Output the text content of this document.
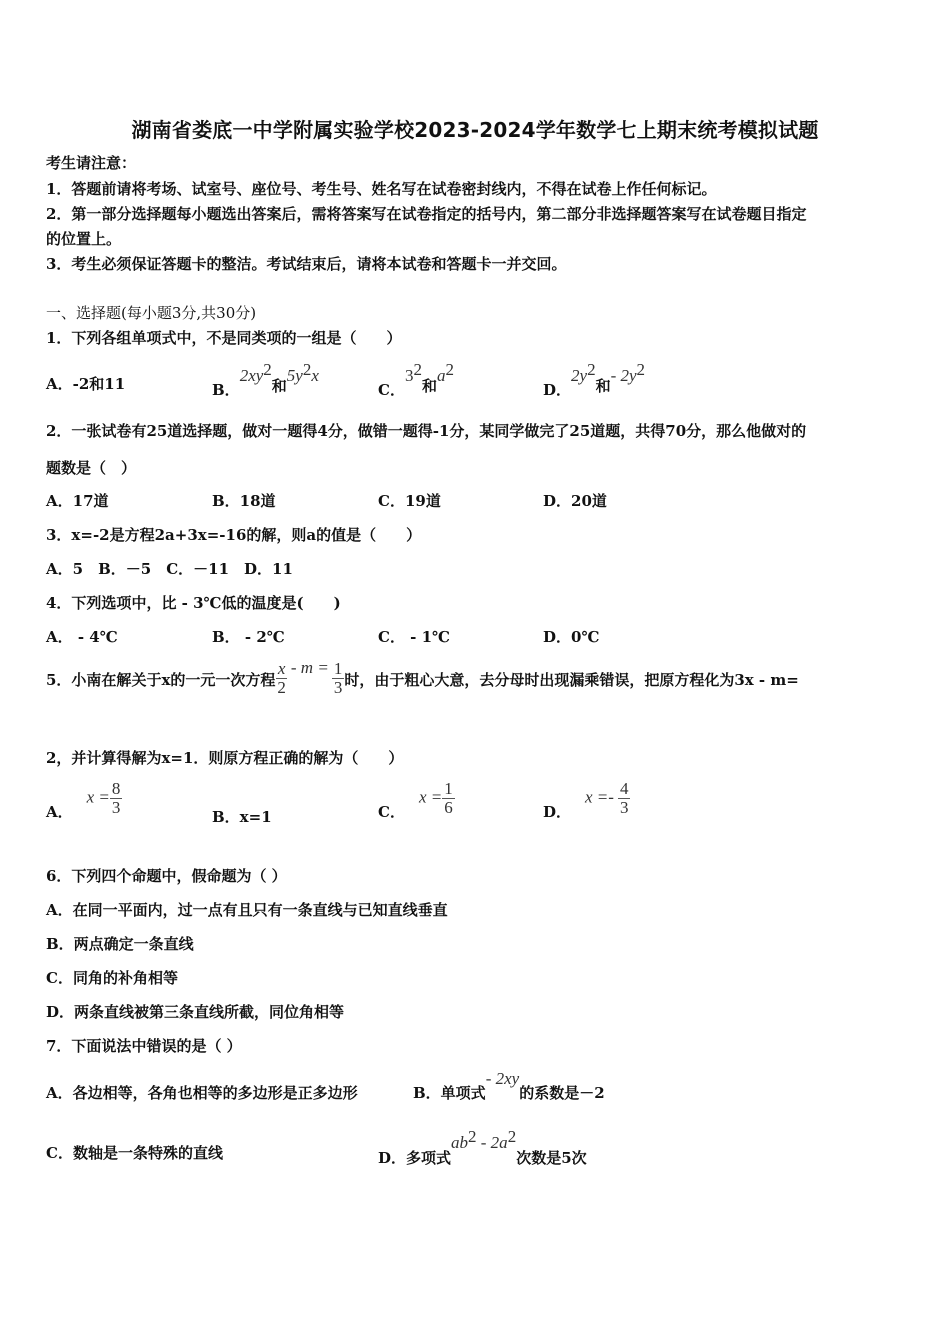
湖南省娄底一中学附属实验学校2023-2024学年数学七上期末统考模拟试题
考生请注意：
1．答题前请将考场、试室号、座位号、考生号、姓名写在试卷密封线内，不得在试卷上作任何标记。
2．第一部分选择题每小题选出答案后，需将答案写在试卷指定的括号内，第二部分非选择题答案写在试卷题目指定
的位置上。
3．考生必须保证答题卡的整洁。考试结束后，请将本试卷和答题卡一并交回。
一、选择题(每小题3分,共30分)
1．下列各组单项式中，不是同类项的一组是（　　）
A．-2和11	B．$2xy^2$和$5y^2x$
C．$3^2$和$a^2$
D．$2y^2$和- $2y^2$
2．一张试卷有25道选择题，做对一题得4分，做错一题得-1分，某同学做完了25道题，共得70分，那么他做对的
题数是（　）
A．17道	B．18道	C．19道	D．20道
3．x=-2是方程2a+3x=-16的解，则a的值是（　　）
A．5　B．－5　C．－11　D．11
4．下列选项中，比 - 3℃低的温度是(　　)
A． - 4℃	B． - 2℃	C． - 1℃	D．0℃
5．小南在解关于x的一元一次方程 $\frac{x}{2} - m = \frac{1}{3}$ 时，由于粗心大意，去分母时出现漏乘错误，把原方程化为3x - m=
2，并计算得解为x=1．则原方程正确的解为（　　）
A．$x = \frac{8}{3}$	B．x=1	C．$x = \frac{1}{6}$	D．$x =- \frac{4}{3}$
6．下列四个命题中，假命题为（ ）
A．在同一平面内，过一点有且只有一条直线与已知直线垂直
B．两点确定一条直线
C．同角的补角相等
D．两条直线被第三条直线所截，同位角相等
7．下面说法中错误的是（ ）
A．各边相等，各角也相等的多边形是正多边形	B．单项式- 2xy的系数是－2
C．数轴是一条特殊的直线	D．多项式$ab^2 - 2a^2$次数是5次
